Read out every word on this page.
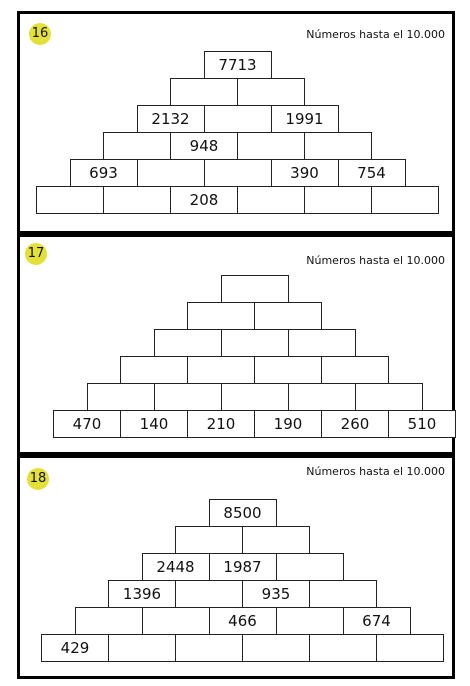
16	Números hasta el 10.000
7713
2132	1991
948
693	390	754
208
17	Números hasta el 10.000
470	140	210	190	260	510
18	Números hasta el 10.000
8500
2448	1987
1396	935
466	674
429
